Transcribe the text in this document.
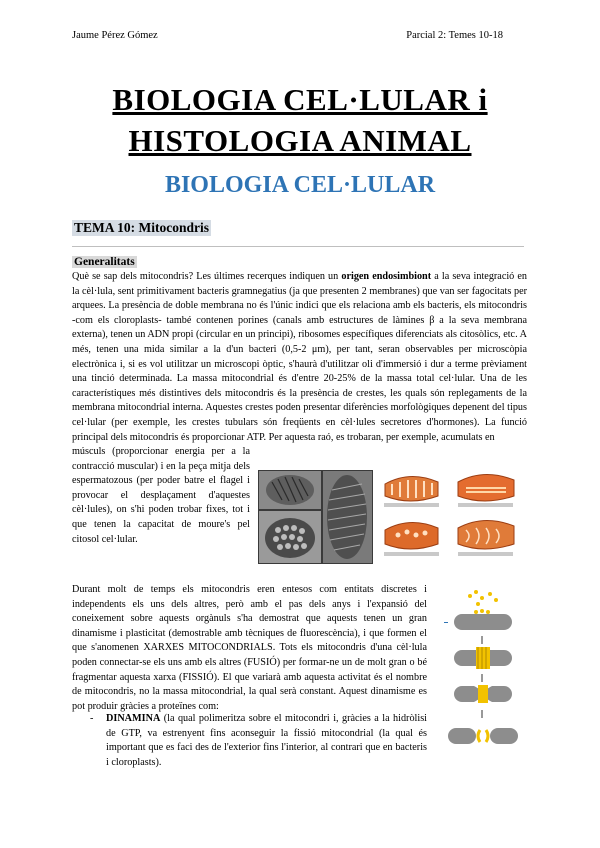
Jaume Pérez Gómez	Parcial 2: Temes 10-18
BIOLOGIA CEL·LULAR i
HISTOLOGIA ANIMAL
BIOLOGIA CEL·LULAR
TEMA 10: Mitocondris
Generalitats
Què se sap dels mitocondris? Les últimes recerques indiquen un origen endosimbiont a la seva integració en la cèl·lula, sent primitivament bacteris gramnegatius (ja que presenten 2 membranes) que van ser fagocitats per arquees. La presència de doble membrana no és l'únic indici que els relaciona amb els bacteris, els mitocondris -com els cloroplasts- també contenen porines (canals amb estructures de làmines β a la seva membrana externa), tenen un ADN propi (circular en un principi), ribosomes específiques diferenciats als citosòlics, etc. A més, tenen una mida similar a la d'un bacteri (0,5-2 μm), per tant, seran observables per microscòpia electrònica i, si es vol utilitzar un microscopi òptic, s'haurà d'utilitzar oli d'immersió i dur a terme prèviament una tinció determinada. La massa mitocondrial és d'entre 20-25% de la massa total cel·lular. Una de les característiques més distintives dels mitocondris és la presència de crestes, les quals són replegaments de la membrana mitocondrial interna. Aquestes crestes poden presentar diferències morfològiques depenent del tipus cel·lular (per exemple, les crestes tubulars són freqüents en cèl·lules secretores d'hormones). La funció principal dels mitocondris és proporcionar ATP. Per aquesta raó, es trobaran, per exemple, acumulats en
músculs (proporcionar energia per a la contracció muscular) i en la peça mitja dels espermatozous (per poder batre el flagel i provocar el desplaçament d'aquestes cèl·lules), on s'hi poden trobar fixes, tot i que tenen la capacitat de moure's pel citosol cel·lular.
Durant molt de temps els mitocondris eren entesos com entitats discretes i independents els uns dels altres, però amb el pas dels anys i l'expansió del coneixement sobre aquests orgànuls s'ha demostrat que aquests tenen un gran dinamisme i plasticitat (demostrable amb tècniques de fluorescència), i que formen el que s'anomenen XARXES MITOCONDRIALS. Tots els mitocondris d'una cèl·lula poden connectar-se els uns amb els altres (FUSIÓ) per formar-ne un de molt gran o bé fragmentar aquesta xarxa (FISSIÓ). El que variarà amb aquesta activitat és el nombre de mitocondris, no la massa mitocondrial, la qual serà constant. Aquest dinamisme es pot produir gràcies a proteïnes com:
- DINAMINA (la qual polimeritza sobre el mitocondri i, gràcies a la hidròlisi de GTP, va estrenyent fins aconseguir la fissió mitocondrial (la qual és important que es faci des de l'exterior fins l'interior, al contrari que en bacteris i cloroplasts).
